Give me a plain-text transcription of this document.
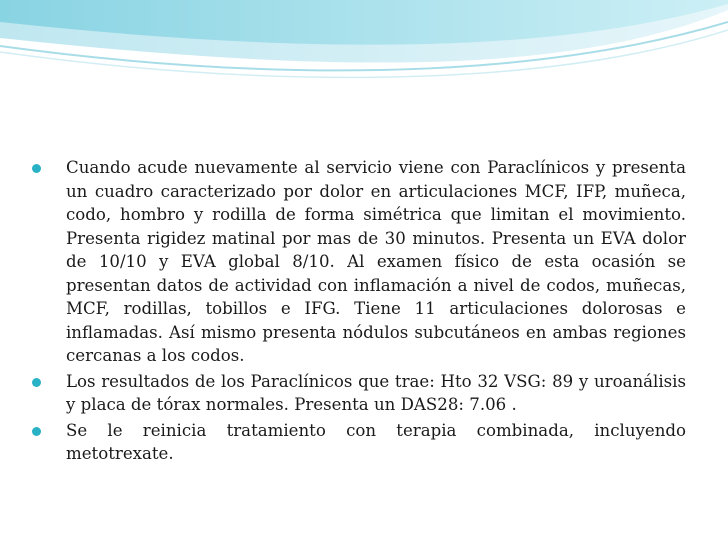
Cuando acude nuevamente al servicio viene con Paraclínicos y presenta un cuadro caracterizado por dolor en articulaciones MCF, IFP, muñeca, codo, hombro y rodilla de forma simétrica que limitan el movimiento. Presenta rigidez matinal por mas de 30 minutos. Presenta un EVA dolor de 10/10 y EVA global 8/10. Al examen físico de esta ocasión se presentan datos de actividad con inflamación a nivel de codos, muñecas, MCF, rodillas, tobillos e IFG. Tiene 11 articulaciones dolorosas e inflamadas. Así mismo presenta nódulos subcutáneos en ambas regiones cercanas a los codos.
Los resultados de los Paraclínicos que trae: Hto 32 VSG: 89 y uroanálisis y placa de tórax normales. Presenta un DAS28: 7.06 .
Se le reinicia tratamiento con terapia combinada, incluyendo metotrexate.
